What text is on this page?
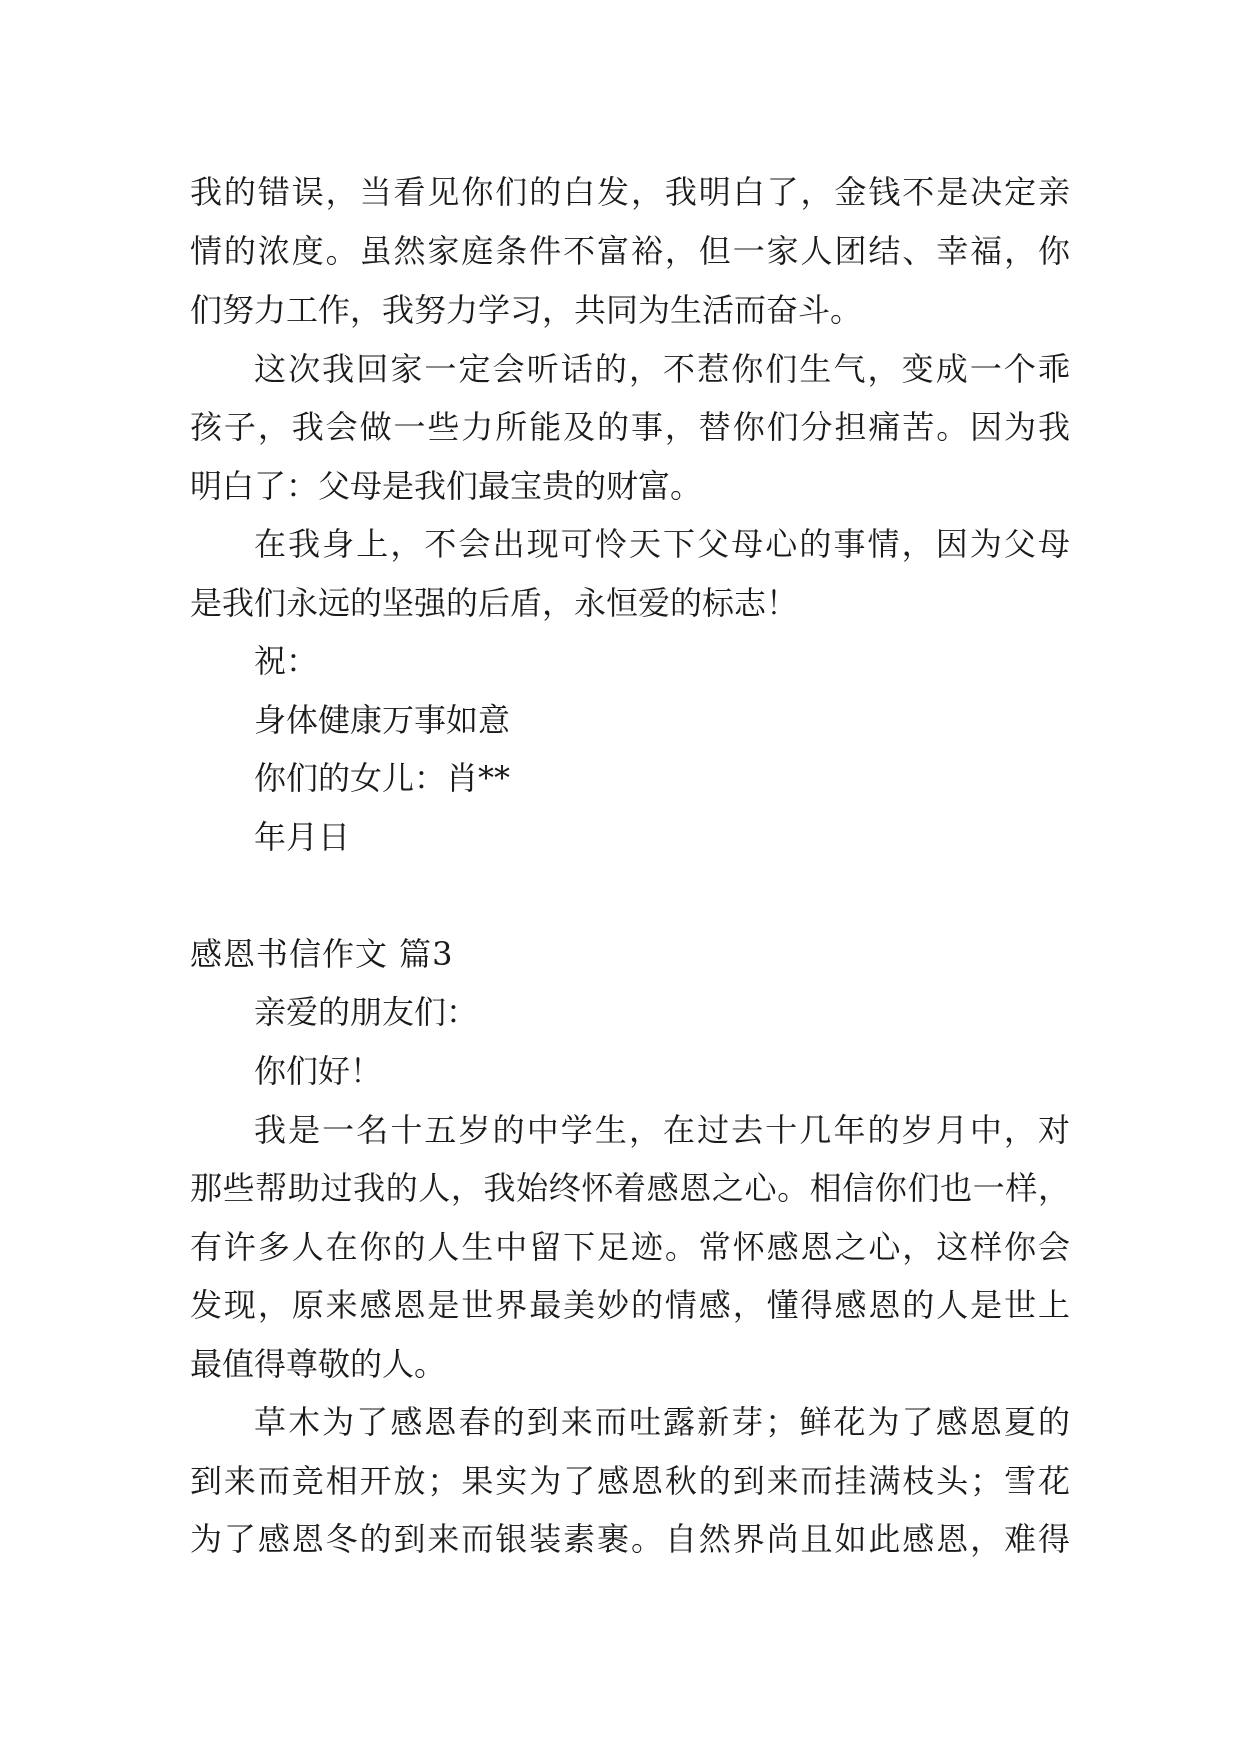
我的错误，当看见你们的白发，我明白了，金钱不是决定亲
情的浓度。虽然家庭条件不富裕，但一家人团结、幸福，你
们努力工作，我努力学习，共同为生活而奋斗。
这次我回家一定会听话的，不惹你们生气，变成一个乖
孩子，我会做一些力所能及的事，替你们分担痛苦。因为我
明白了：父母是我们最宝贵的财富。
在我身上，不会出现可怜天下父母心的事情，因为父母
是我们永远的坚强的后盾，永恒爱的标志！
祝：
身体健康万事如意
你们的女儿：肖**
年月日
感恩书信作文 篇3
亲爱的朋友们：
你们好！
我是一名十五岁的中学生，在过去十几年的岁月中，对
那些帮助过我的人，我始终怀着感恩之心。相信你们也一样，
有许多人在你的人生中留下足迹。常怀感恩之心，这样你会
发现，原来感恩是世界最美妙的情感，懂得感恩的人是世上
最值得尊敬的人。
草木为了感恩春的到来而吐露新芽；鲜花为了感恩夏的
到来而竞相开放；果实为了感恩秋的到来而挂满枝头；雪花
为了感恩冬的到来而银装素裹。自然界尚且如此感恩，难得
